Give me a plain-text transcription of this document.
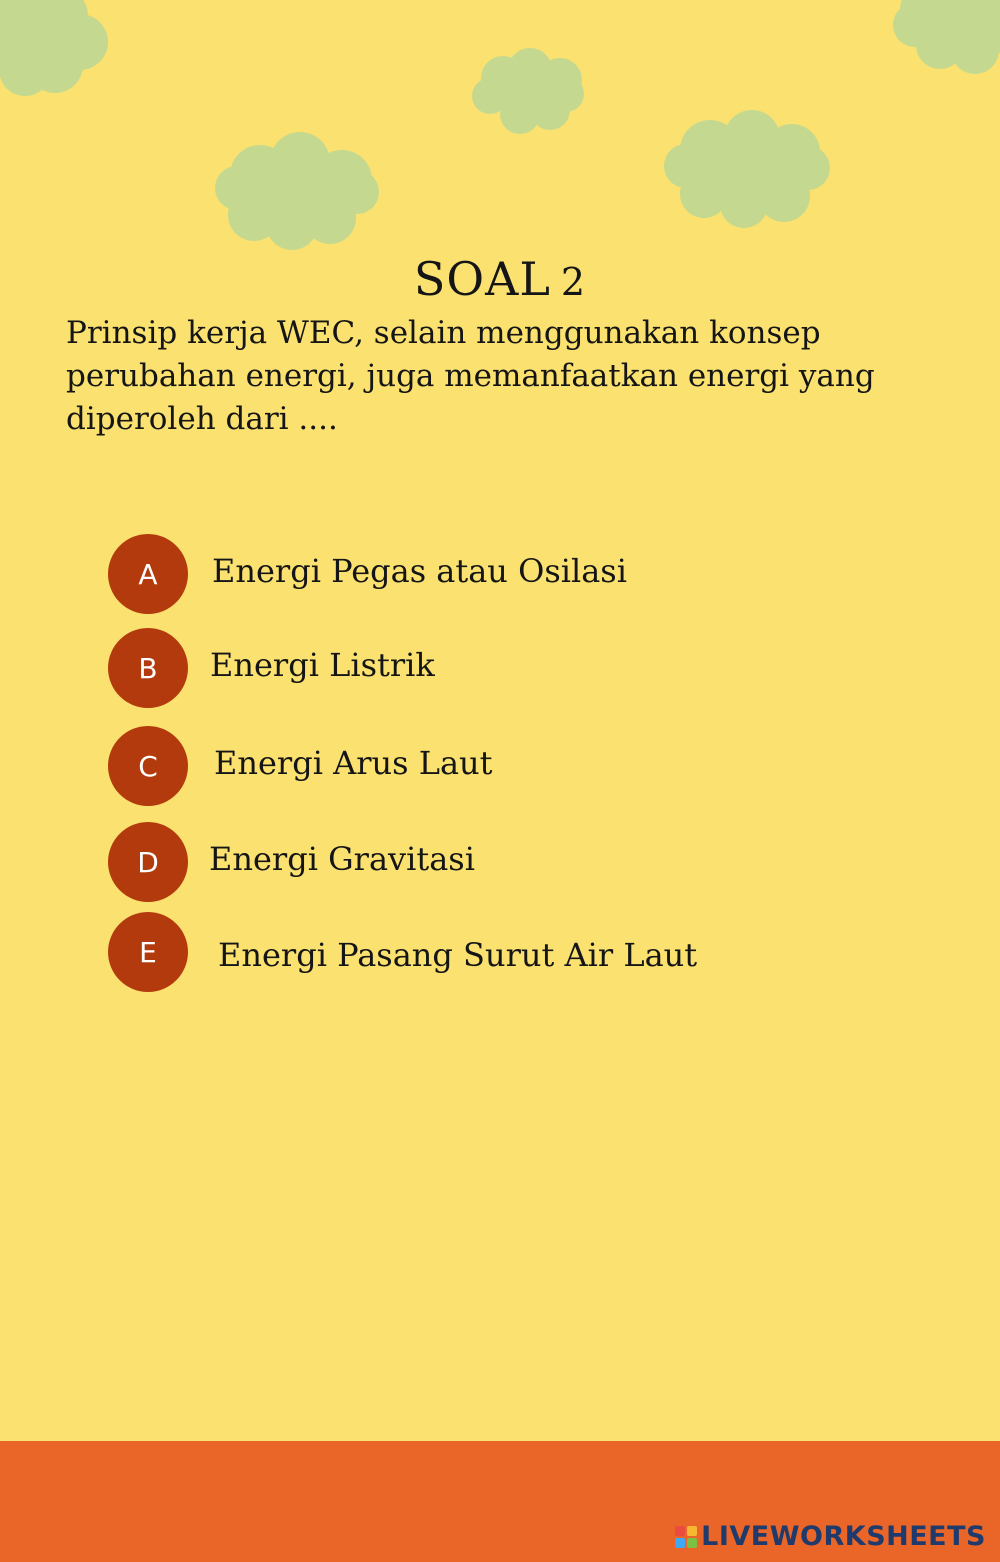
SOAL 2
Prinsip kerja WEC, selain menggunakan konsep perubahan energi, juga memanfaatkan energi yang diperoleh dari ....
A	Energi Pegas atau Osilasi
B	Energi Listrik
C	Energi Arus Laut
D	Energi Gravitasi
E	Energi Pasang Surut Air Laut
LIVEWORKSHEETS
